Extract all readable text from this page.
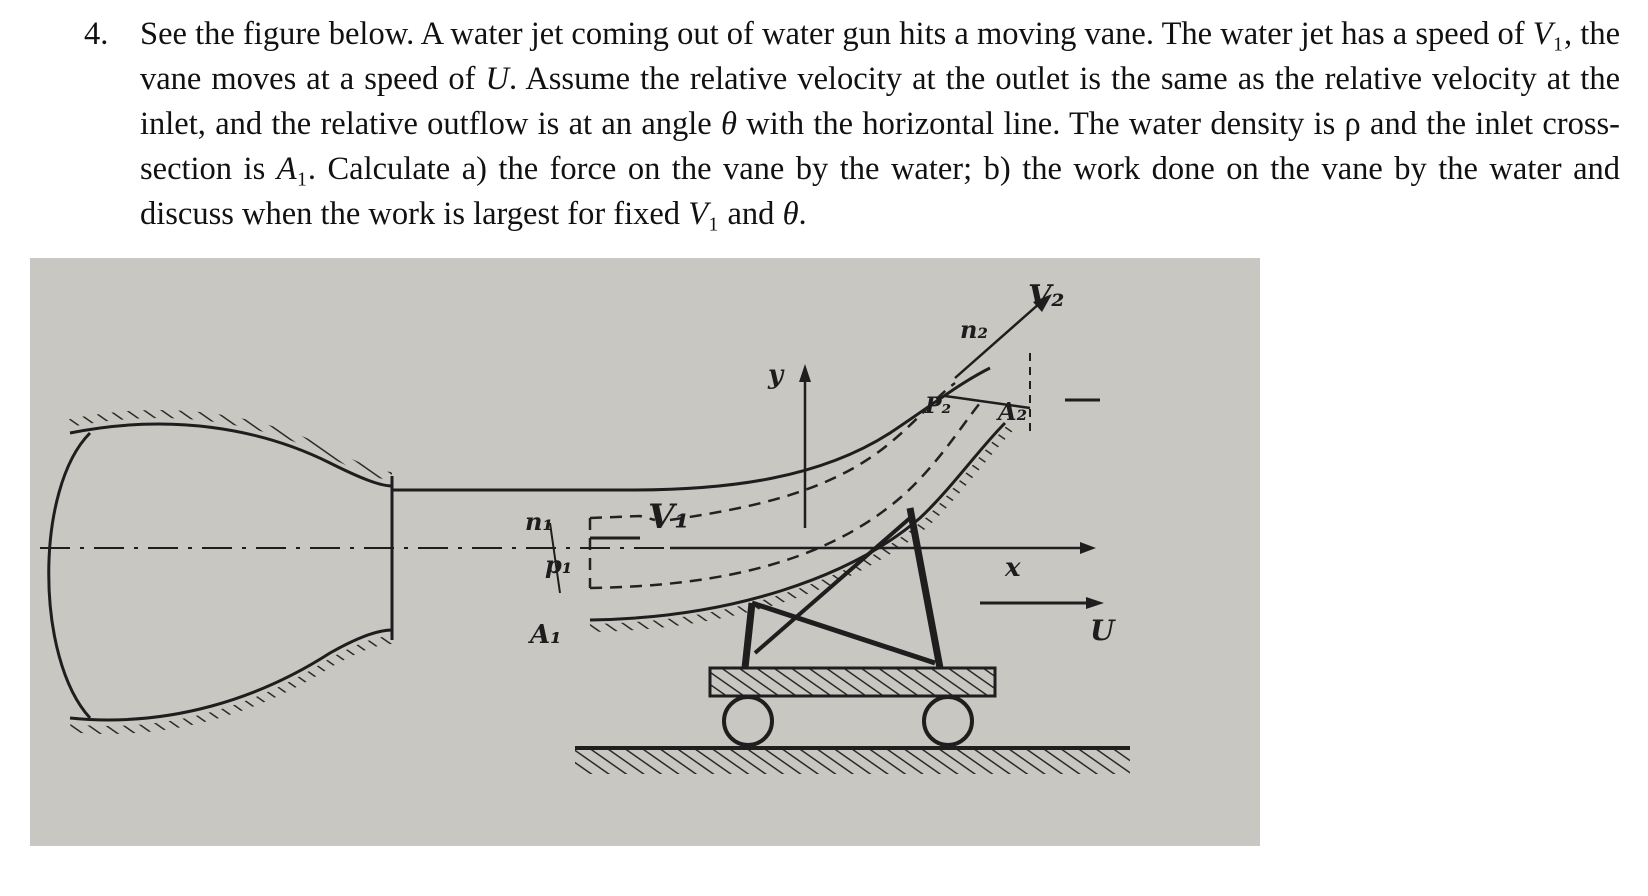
4. See the figure below. A water jet coming out of water gun hits a moving vane. The water jet has a speed of V₁, the vane moves at a speed of U. Assume the relative velocity at the outlet is the same as the relative velocity at the inlet, and the relative outflow is at an angle θ with the horizontal line. The water density is ρ and the inlet cross-section is A₁. Calculate a) the force on the vane by the water; b) the work done on the vane by the water and discuss when the work is largest for fixed V₁ and θ.
n₁
p₁
A₁
V₁
y
n₂
P₂ A₂
V₂
x
U
